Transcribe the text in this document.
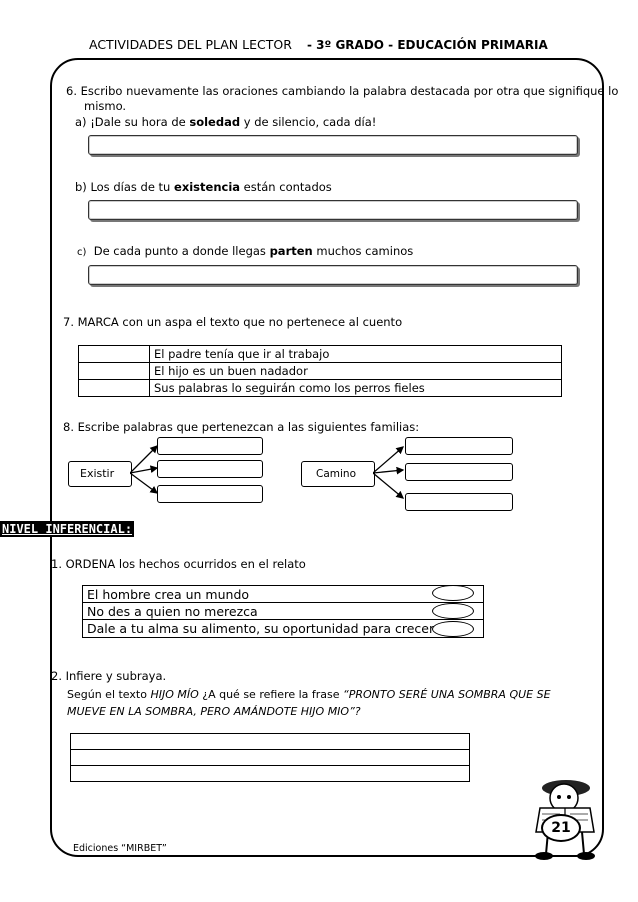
ACTIVIDADES DEL PLAN LECTOR - 3º GRADO - EDUCACIÓN PRIMARIA
6. Escribo nuevamente las oraciones cambiando la palabra destacada por otra que signifique lo
mismo.
a) ¡Dale su hora de soledad y de silencio, cada día!
b) Los días de tu existencia están contados
c) De cada punto a donde llegas parten muchos caminos
7. MARCA con un aspa el texto que no pertenece al cuento
	El padre tenía que ir al trabajo
	El hijo es un buen nadador
	Sus palabras lo seguirán como los perros fieles
8. Escribe palabras que pertenezcan a las siguientes familias:
Existir	Camino
NIVEL INFERENCIAL:
1. ORDENA los hechos ocurridos en el relato
El hombre crea un mundo
No des a quien no merezca
Dale a tu alma su alimento, su oportunidad para crecer
2. Infiere y subraya.
Según el texto HIJO MÍO ¿A qué se refiere la frase “PRONTO SERÉ UNA SOMBRA QUE SE
MUEVE EN LA SOMBRA, PERO AMÁNDOTE HIJO MIO”?

21
Ediciones “MIRBET”
